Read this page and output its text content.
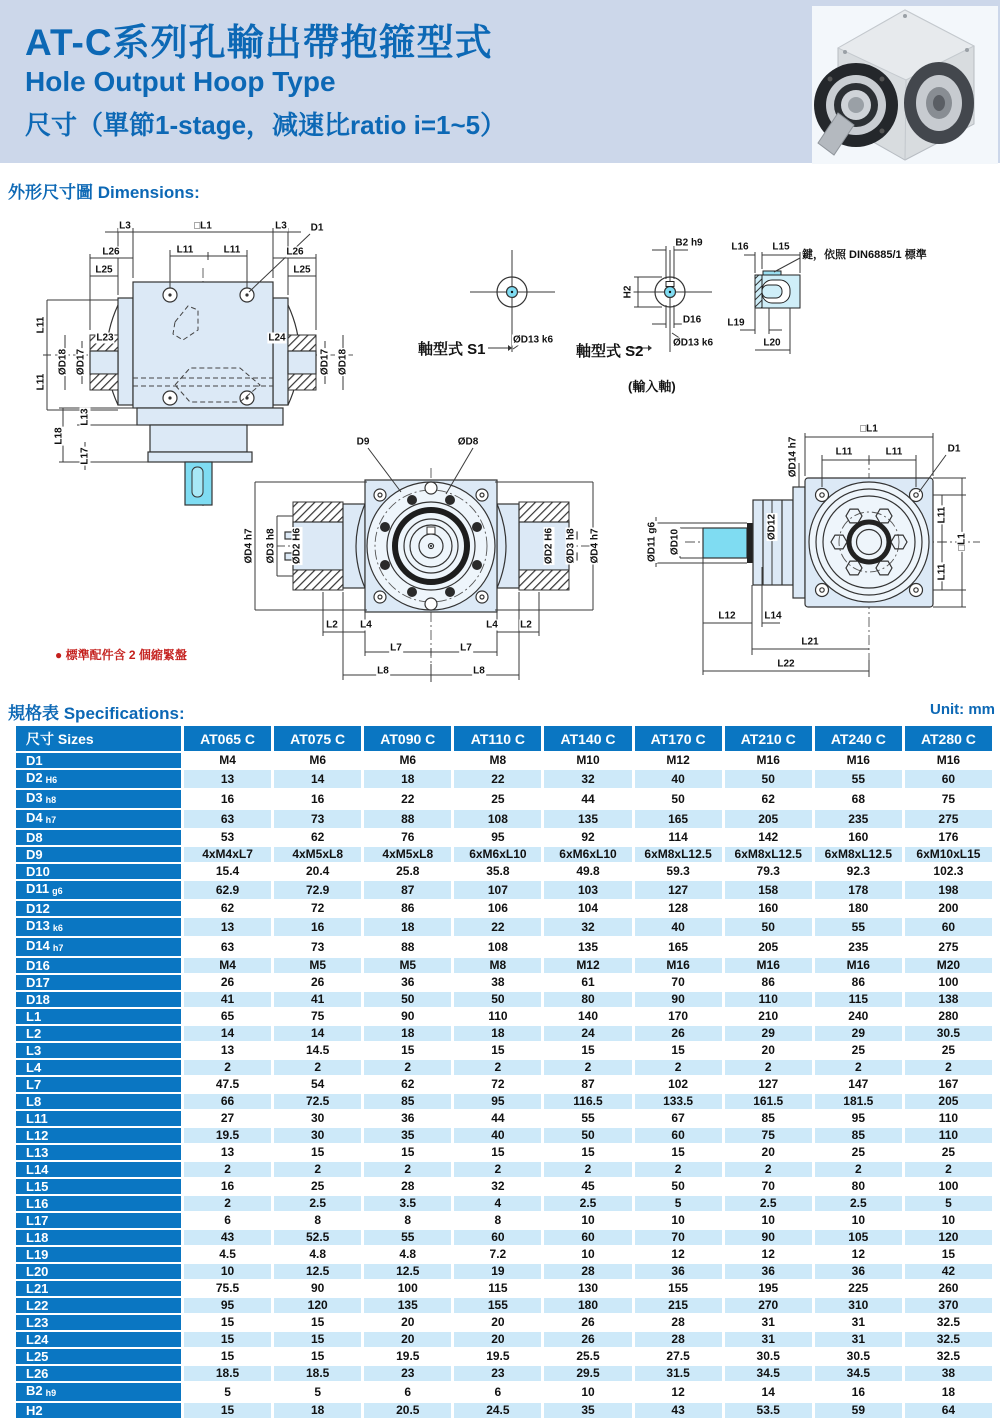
AT-C系列孔輸出帶抱箍型式
Hole Output Hoop Type
尺寸（單節1-stage，减速比ratio i=1~5）
外形尺寸圖 Dimensions:
L3	□L1	L3 D1
L11	L11
L26
L25
L26
L25
L11
L11
ØD18 ØD17
L23	L24
ØD17 ØD18
L13
L18
L17
軸型式 S1	軸型式 S2
(輸入軸)
鍵，依照 DIN6885/1 標準
ØD13 k6
B2 h9
H2
D16
ØD13 k6
L16 L15
L19
L20
D9	ØD8
ØD4 h7 ØD3 h8 ØD2 H6	ØD2 H6 ØD3 h8 ØD4 h7
L2 L4	L4 L2
L7	L7
L8	L8
□L1
L11	L11	D1
ØD14 h7
ØD12
ØD11 g6 ØD10
L11
□L1
L11
L12	L14
L21
L22
● 標準配件含 2 個縮緊盤
規格表 Specifications:	Unit: mm
尺寸 Sizes	AT065 C	AT075 C	AT090 C	AT110 C	AT140 C	AT170 C	AT210 C	AT240 C	AT280 C
D1	M4	M6	M6	M8	M10	M12	M16	M16	M16
D2 H6	13	14	18	22	32	40	50	55	60
D3 h8	16	16	22	25	44	50	62	68	75
D4 h7	63	73	88	108	135	165	205	235	275
D8	53	62	76	95	92	114	142	160	176
D9	4xM4xL7	4xM5xL8	4xM5xL8	6xM6xL10	6xM6xL10	6xM8xL12.5	6xM8xL12.5	6xM8xL12.5	6xM10xL15
D10	15.4	20.4	25.8	35.8	49.8	59.3	79.3	92.3	102.3
D11 g6	62.9	72.9	87	107	103	127	158	178	198
D12	62	72	86	106	104	128	160	180	200
D13 k6	13	16	18	22	32	40	50	55	60
D14 h7	63	73	88	108	135	165	205	235	275
D16	M4	M5	M5	M8	M12	M16	M16	M16	M20
D17	26	26	36	38	61	70	86	86	100
D18	41	41	50	50	80	90	110	115	138
L1	65	75	90	110	140	170	210	240	280
L2	14	14	18	18	24	26	29	29	30.5
L3	13	14.5	15	15	15	15	20	25	25
L4	2	2	2	2	2	2	2	2	2
L7	47.5	54	62	72	87	102	127	147	167
L8	66	72.5	85	95	116.5	133.5	161.5	181.5	205
L11	27	30	36	44	55	67	85	95	110
L12	19.5	30	35	40	50	60	75	85	110
L13	13	15	15	15	15	15	20	25	25
L14	2	2	2	2	2	2	2	2	2
L15	16	25	28	32	45	50	70	80	100
L16	2	2.5	3.5	4	2.5	5	2.5	2.5	5
L17	6	8	8	8	10	10	10	10	10
L18	43	52.5	55	60	60	70	90	105	120
L19	4.5	4.8	4.8	7.2	10	12	12	12	15
L20	10	12.5	12.5	19	28	36	36	36	42
L21	75.5	90	100	115	130	155	195	225	260
L22	95	120	135	155	180	215	270	310	370
L23	15	15	20	20	26	28	31	31	32.5
L24	15	15	20	20	26	28	31	31	32.5
L25	15	15	19.5	19.5	25.5	27.5	30.5	30.5	32.5
L26	18.5	18.5	23	23	29.5	31.5	34.5	34.5	38
B2 h9	5	5	6	6	10	12	14	16	18
H2	15	18	20.5	24.5	35	43	53.5	59	64
